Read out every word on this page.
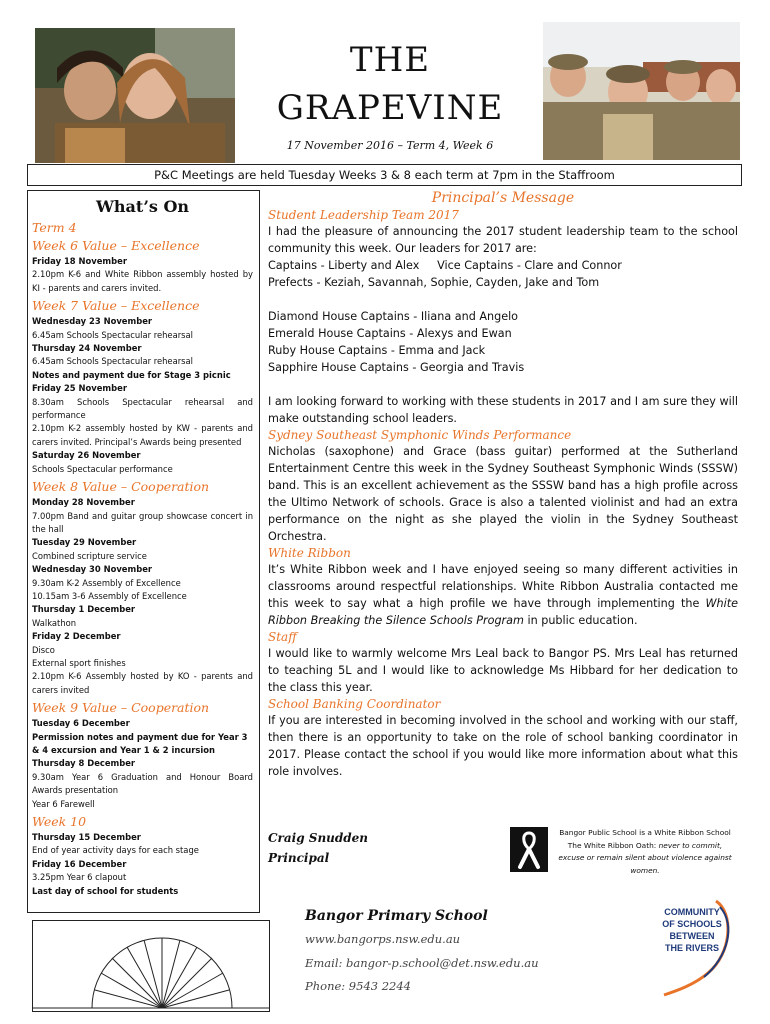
THE
GRAPEVINE
17 November 2016 – Term 4, Week 6
P&C Meetings are held Tuesday Weeks 3 & 8 each term at 7pm in the Staffroom
What’s On
Term 4
Week 6 Value – Excellence
Friday 18 November
2.10pm K-6 and White Ribbon assembly hosted by KI - parents and carers invited.
Week 7 Value – Excellence
Wednesday 23 November
6.45am Schools Spectacular rehearsal
Thursday 24 November
6.45am Schools Spectacular rehearsal
Notes and payment due for Stage 3 picnic
Friday 25 November
8.30am Schools Spectacular rehearsal and performance
2.10pm K-2 assembly hosted by KW - parents and carers invited. Principal’s Awards being presented
Saturday 26 November
Schools Spectacular performance
Week 8 Value – Cooperation
Monday 28 November
7.00pm Band and guitar group showcase concert in the hall
Tuesday 29 November
Combined scripture service
Wednesday 30 November
9.30am K-2 Assembly of Excellence
10.15am 3-6 Assembly of Excellence
Thursday 1 December
Walkathon
Friday 2 December
Disco
External sport finishes
2.10pm K-6 Assembly hosted by KO - parents and carers invited
Week 9 Value – Cooperation
Tuesday 6 December
Permission notes and payment due for Year 3 & 4 excursion and Year 1 & 2 incursion
Thursday 8 December
9.30am Year 6 Graduation and Honour Board Awards presentation
Year 6 Farewell
Week 10
Thursday 15 December
End of year activity days for each stage
Friday 16 December
3.25pm Year 6 clapout
Last day of school for students
Principal’s Message
Student Leadership Team 2017
I had the pleasure of announcing the 2017 student leadership team to the school community this week. Our leaders for 2017 are:
Captains - Liberty and Alex     Vice Captains - Clare and Connor
Prefects - Keziah, Savannah, Sophie, Cayden, Jake and Tom
Diamond House Captains - Iliana and Angelo
Emerald House Captains - Alexys and Ewan
Ruby House Captains - Emma and Jack
Sapphire House Captains - Georgia and Travis
I am looking forward to working with these students in 2017 and I am sure they will make outstanding school leaders.
Sydney Southeast Symphonic Winds Performance
Nicholas (saxophone) and Grace (bass guitar) performed at the Sutherland Entertainment Centre this week in the Sydney Southeast Symphonic Winds (SSSW) band. This is an excellent achievement as the SSSW band has a high profile across the Ultimo Network of schools. Grace is also a talented violinist and had an extra performance on the night as she played the violin in the Sydney Southeast Orchestra.
White Ribbon
It’s White Ribbon week and I have enjoyed seeing so many different activities in classrooms around respectful relationships. White Ribbon Australia contacted me this week to say what a high profile we have through implementing the White Ribbon Breaking the Silence Schools Program in public education.
Staff
I would like to warmly welcome Mrs Leal back to Bangor PS. Mrs Leal has returned to teaching 5L and I would like to acknowledge Ms Hibbard for her dedication to the class this year.
School Banking Coordinator
If you are interested in becoming involved in the school and working with our staff, then there is an opportunity to take on the role of school banking coordinator in 2017. Please contact the school if you would like more information about what this role involves.
Craig Snudden
Principal
Bangor Public School is a White Ribbon School
The White Ribbon Oath: never to commit, excuse or remain silent about violence against women.
Bangor Primary School
www.bangorps.nsw.edu.au
Email: bangor-p.school@det.nsw.edu.au
Phone: 9543 2244
COMMUNITY
OF SCHOOLS
BETWEEN
THE RIVERS
